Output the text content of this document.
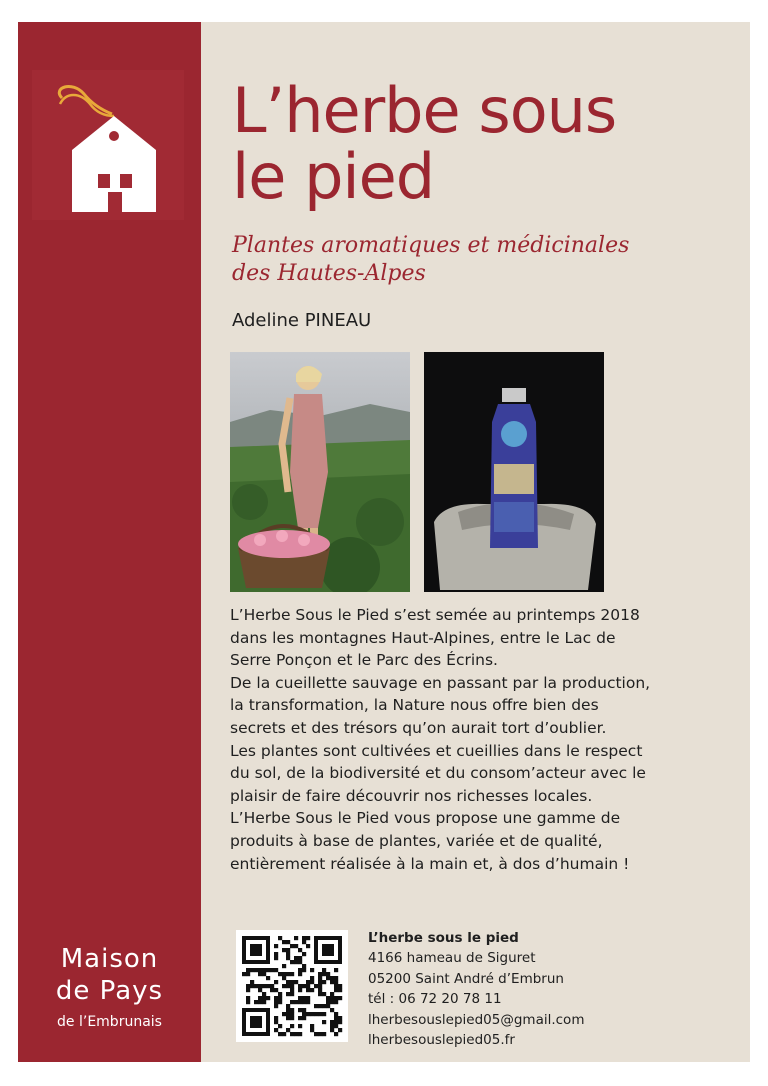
Maison
de Pays
de l’Embrunais
L’herbe sous
le pied
Plantes aromatiques et médicinales
des Hautes-Alpes
Adeline PINEAU

L’Herbe Sous le Pied s’est semée au printemps 2018

dans les montagnes Haut-Alpines, entre le Lac de

Serre Ponçon et le Parc des Écrins.

De la cueillette sauvage en passant par la production,

la transformation, la Nature nous offre bien des

secrets et des trésors qu’on aurait tort d’oublier.

Les plantes sont cultivées et cueillies dans le respect

du sol, de la biodiversité et du consom’acteur avec le

plaisir de faire découvrir nos richesses locales.

L’Herbe Sous le Pied vous propose une gamme de

produits à base de plantes, variée et de qualité,

entièrement réalisée à la main et, à dos d’humain !

L’herbe sous le pied
4166 hameau de Siguret
05200 Saint André d’Embrun
tél : 06 72 20 78 11
lherbesouslepied05@gmail.com
lherbesouslepied05.fr
